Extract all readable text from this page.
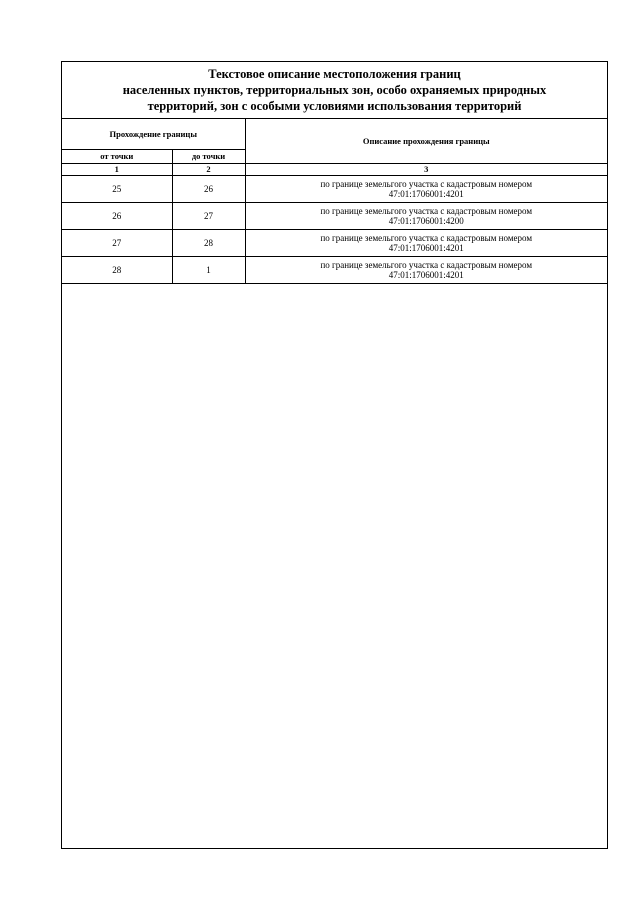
Текстовое описание местоположения границ
населенных пунктов, территориальных зон, особо охраняемых природных
территорий, зон с особыми условиями использования территорий
Прохождение границы		Описание прохождения границы
от точки	до точки	
1	2	3
25	26	по границе земельгого участка с кадастровым номером
47:01:1706001:4201

26	27	по границе земельгого участка с кадастровым номером
47:01:1706001:4200

27	28	по границе земельгого участка с кадастровым номером
47:01:1706001:4201

28	1	по границе земельгого участка с кадастровым номером
47:01:1706001:4201
